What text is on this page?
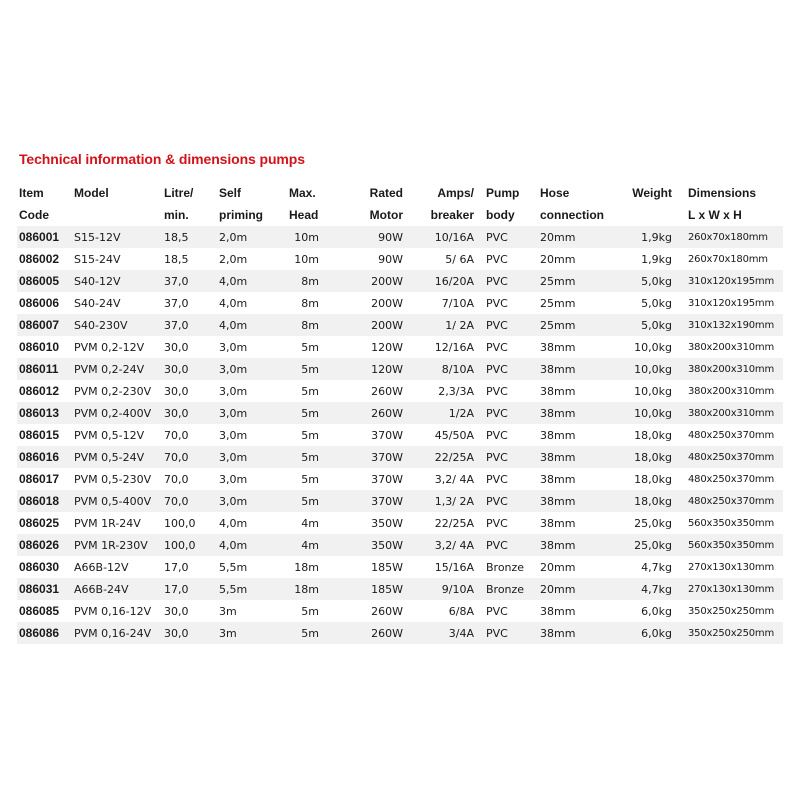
Technical information & dimensions pumps
Item	Model	Litre/	Self	Max.	Rated	Amps/	Pump	Hose	Weight	Dimensions
Code		min.	priming	Head	Motor	breaker	body	connection		L x W x H
086001	S15-12V	18,5	2,0m	10m	90W	10/16A	PVC	20mm	1,9kg	260x70x180mm
086002	S15-24V	18,5	2,0m	10m	90W	5/ 6A	PVC	20mm	1,9kg	260x70x180mm
086005	S40-12V	37,0	4,0m	8m	200W	16/20A	PVC	25mm	5,0kg	310x120x195mm
086006	S40-24V	37,0	4,0m	8m	200W	7/10A	PVC	25mm	5,0kg	310x120x195mm
086007	S40-230V	37,0	4,0m	8m	200W	1/ 2A	PVC	25mm	5,0kg	310x132x190mm
086010	PVM 0,2-12V	30,0	3,0m	5m	120W	12/16A	PVC	38mm	10,0kg	380x200x310mm
086011	PVM 0,2-24V	30,0	3,0m	5m	120W	8/10A	PVC	38mm	10,0kg	380x200x310mm
086012	PVM 0,2-230V	30,0	3,0m	5m	260W	2,3/3A	PVC	38mm	10,0kg	380x200x310mm
086013	PVM 0,2-400V	30,0	3,0m	5m	260W	1/2A	PVC	38mm	10,0kg	380x200x310mm
086015	PVM 0,5-12V	70,0	3,0m	5m	370W	45/50A	PVC	38mm	18,0kg	480x250x370mm
086016	PVM 0,5-24V	70,0	3,0m	5m	370W	22/25A	PVC	38mm	18,0kg	480x250x370mm
086017	PVM 0,5-230V	70,0	3,0m	5m	370W	3,2/ 4A	PVC	38mm	18,0kg	480x250x370mm
086018	PVM 0,5-400V	70,0	3,0m	5m	370W	1,3/ 2A	PVC	38mm	18,0kg	480x250x370mm
086025	PVM 1R-24V	100,0	4,0m	4m	350W	22/25A	PVC	38mm	25,0kg	560x350x350mm
086026	PVM 1R-230V	100,0	4,0m	4m	350W	3,2/ 4A	PVC	38mm	25,0kg	560x350x350mm
086030	A66B-12V	17,0	5,5m	18m	185W	15/16A	Bronze	20mm	4,7kg	270x130x130mm
086031	A66B-24V	17,0	5,5m	18m	185W	9/10A	Bronze	20mm	4,7kg	270x130x130mm
086085	PVM 0,16-12V	30,0	3m	5m	260W	6/8A	PVC	38mm	6,0kg	350x250x250mm
086086	PVM 0,16-24V	30,0	3m	5m	260W	3/4A	PVC	38mm	6,0kg	350x250x250mm
